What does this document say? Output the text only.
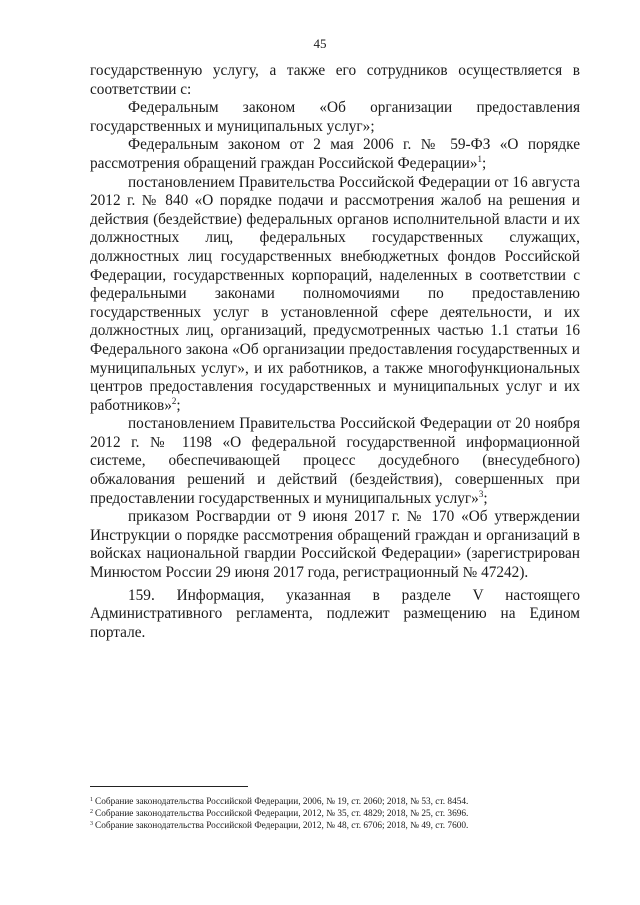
45

государственную услугу, а также его сотрудников осуществляется в соответствии с:

Федеральным законом «Об организации предоставления государственных и муниципальных услуг»;

Федеральным законом от 2 мая 2006 г. № 59-ФЗ «О порядке рассмотрения обращений граждан Российской Федерации»$^1$;

постановлением Правительства Российской Федерации от 16 августа 2012 г. № 840 «О порядке подачи и рассмотрения жалоб на решения и действия (бездействие) федеральных органов исполнительной власти и их должностных лиц, федеральных государственных служащих, должностных лиц государственных внебюджетных фондов Российской Федерации, государственных корпораций, наделенных в соответствии с федеральными законами полномочиями по предоставлению государственных услуг в установленной сфере деятельности, и их должностных лиц, организаций, предусмотренных частью 1.1 статьи 16 Федерального закона «Об организации предоставления государственных и муниципальных услуг», и их работников, а также многофункциональных центров предоставления государственных и муниципальных услуг и их работников»$^2$;

постановлением Правительства Российской Федерации от 20 ноября 2012 г. № 1198 «О федеральной государственной информационной системе, обеспечивающей процесс досудебного (внесудебного) обжалования решений и действий (бездействия), совершенных при предоставлении государственных и муниципальных услуг»$^3$;

приказом Росгвардии от 9 июня 2017 г. № 170 «Об утверждении Инструкции о порядке рассмотрения обращений граждан и организаций в войсках национальной гвардии Российской Федерации» (зарегистрирован Минюстом России 29 июня 2017 года, регистрационный № 47242).

159. Информация, указанная в разделе V настоящего Административного регламента, подлежит размещению на Едином портале.

$^1$ Собрание законодательства Российской Федерации, 2006, № 19, ст. 2060; 2018, № 53, ст. 8454.
$^2$ Собрание законодательства Российской Федерации, 2012, № 35, ст. 4829; 2018, № 25, ст. 3696.
$^3$ Собрание законодательства Российской Федерации, 2012, № 48, ст. 6706; 2018, № 49, ст. 7600.
